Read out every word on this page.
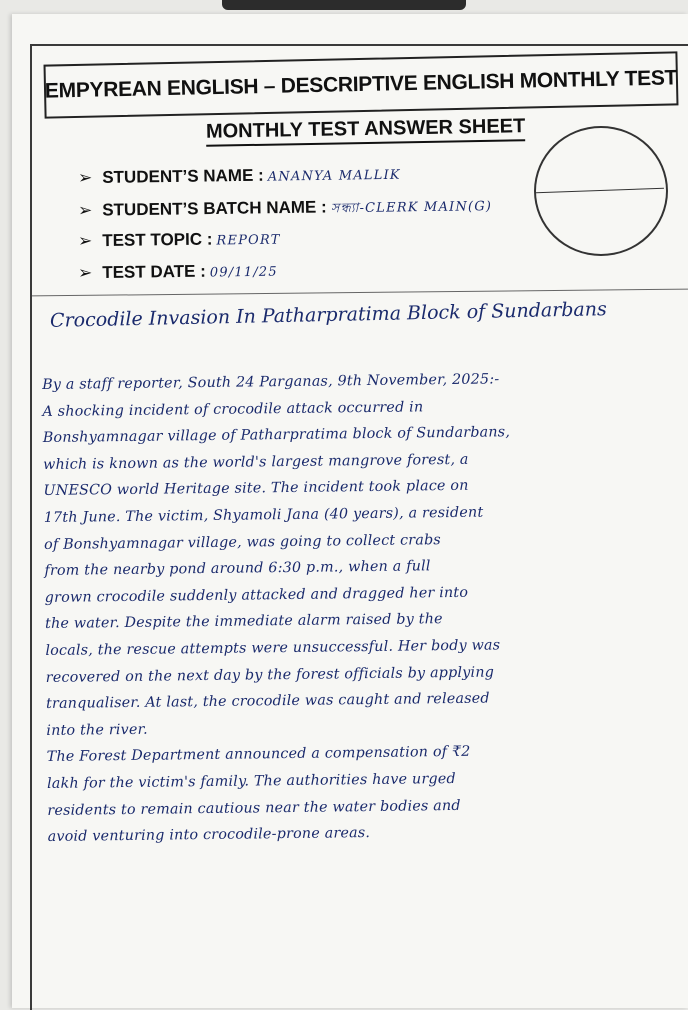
EMPYREAN ENGLISH – DESCRIPTIVE ENGLISH MONTHLY TEST
MONTHLY TEST ANSWER SHEET
➢ STUDENT’S NAME : ANANYA MALLIK
➢ STUDENT’S BATCH NAME : সন্ধ্যা-CLERK MAIN(G)
➢ TEST TOPIC : REPORT
➢ TEST DATE : 09/11/25
Crocodile Invasion In Patharpratima Block of Sundarbans
By a staff reporter, South 24 Parganas, 9th November, 2025:-
A shocking incident of crocodile attack occurred in
Bonshyamnagar village of Patharpratima block of Sundarbans,
which is known as the world's largest mangrove forest, a
UNESCO world Heritage site. The incident took place on
17th June. The victim, Shyamoli Jana (40 years), a resident
of Bonshyamnagar village, was going to collect crabs
from the nearby pond around 6:30 p.m., when a full
grown crocodile suddenly attacked and dragged her into
the water. Despite the immediate alarm raised by the
locals, the rescue attempts were unsuccessful. Her body was
recovered on the next day by the forest officials by applying
tranqualiser. At last, the crocodile was caught and released
into the river.
The Forest Department announced a compensation of ₹2
lakh for the victim's family. The authorities have urged
residents to remain cautious near the water bodies and
avoid venturing into crocodile-prone areas.
